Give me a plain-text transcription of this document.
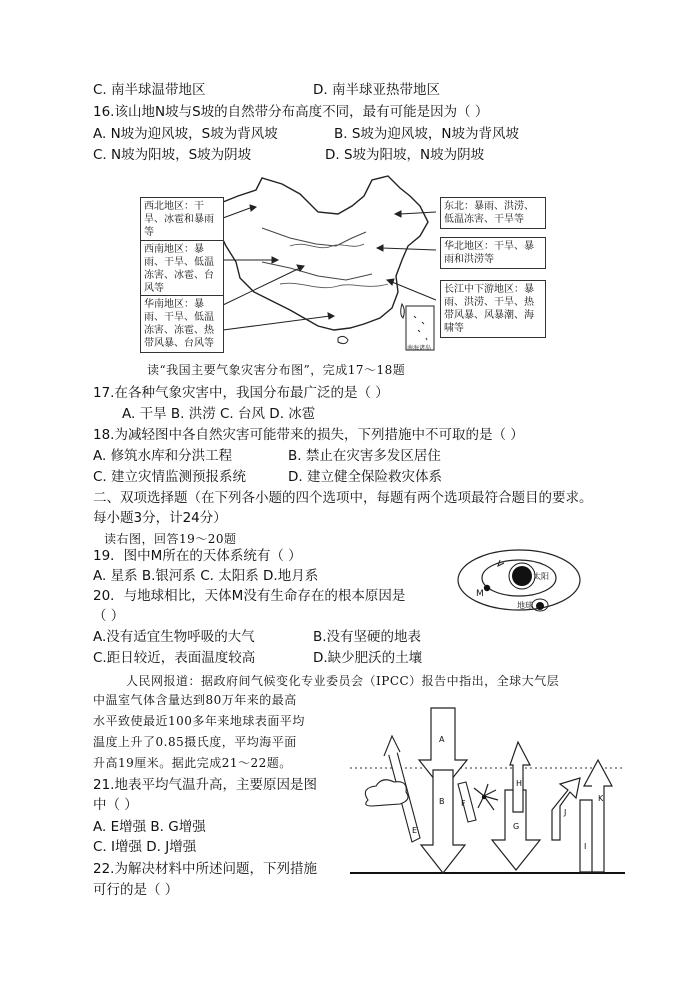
C. 南半球温带地区	D. 南半球亚热带地区
16.该山地N坡与S坡的自然带分布高度不同，最有可能是因为（ ）
A. N坡为迎风坡，S坡为背风坡	B. S坡为迎风坡，N坡为背风坡
C. N坡为阳坡，S坡为阴坡	D. S坡为阳坡，N坡为阴坡
西北地区：干旱、冰雹和暴雨等
西南地区：暴雨、干旱、低温冻害、冰雹、台风等
华南地区：暴雨、干旱、低温冻害、冻雹、热带风暴、台风等
东北：暴雨、洪涝、低温冻害、干旱等
华北地区：干旱、暴雨和洪涝等
长江中下游地区：暴雨、洪涝、干旱、热带风暴、风暴潮、海啸等
南海诸岛
读“我国主要气象灾害分布图”，完成17～18题
17.在各种气象灾害中，我国分布最广泛的是（ ）
A. 干旱 B. 洪涝 C. 台风 D. 冰雹
18.为减轻图中各自然灾害可能带来的损失，下列措施中不可取的是（ ）
A. 修筑水库和分洪工程	B. 禁止在灾害多发区居住
C. 建立灾情监测预报系统	D. 建立健全保险救灾体系
二、双项选择题（在下列各小题的四个选项中，每题有两个选项最符合题目的要求。
每小题3分，计24分）
读右图，回答19～20题
19．图中M所在的天体系统有（ ）
A. 星系 B.银河系 C. 太阳系 D.地月系	太阳
M
地球
20．与地球相比，天体M没有生命存在的根本原因是
（ ）
A.没有适宜生物呼吸的大气	B.没有坚硬的地表
C.距日较近，表面温度较高	D.缺少肥沃的土壤
人民网报道：据政府间气候变化专业委员会（IPCC）报告中指出，全球大气层
中温室气体含量达到80万年来的最高
水平致使最近100多年来地球表面平均
温度上升了0.85摄氏度，平均海平面
升高19厘米。据此完成21～22题。
21.地表平均气温升高，主要原因是图
中（ ）
A. E增强 B. G增强
C. I增强 D. J增强
22.为解决材料中所述问题，下列措施
可行的是（ ）
A
B
E
F
G
H
I
J
K
